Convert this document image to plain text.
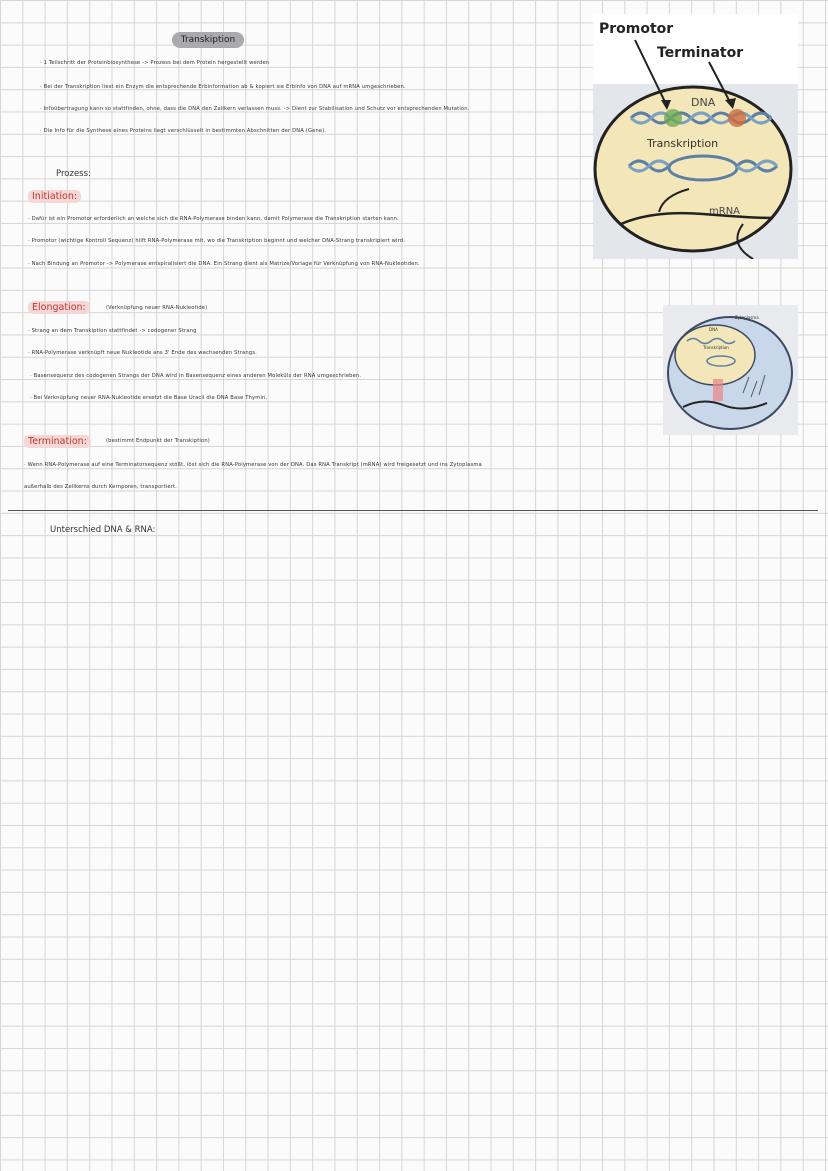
Transkiption
· 1 Teilschritt der Proteinbiosynthese -> Prozess bei dem Protein hergestellt werden
· Bei der Transkription liest ein Enzym die entsprechende Erbinformation ab & kopiert sie Erbinfo von DNA auf mRNA umgeschrieben.
· Infoübertragung kann so stattfinden, ohne, dass die DNA den Zellkern verlassen muss. -> Dient zur Stabilisation und Schutz vor entsprechenden Mutation.
· Die Info für die Synthese eines Proteins liegt verschlüsselt in bestimmten Abschnitten der DNA (Gene).
Prozess:
Initiation:
· Dafür ist ein Promotor erforderlich an welche sich die RNA-Polymerase binden kann, damit Polymerase die Transkription starten kann.
· Promotor (wichtige Kontroll Sequenz) hilft RNA-Polymerase mit, wo die Transkription beginnt und welcher DNA-Strang transkripiert wird.
· Nach Bindung an Promotor -> Polymerase entspiralisiert die DNA. Ein Strang dient als Matrize/Vorlage für Verknüpfung von RNA-Nukleotiden.
Elongation:	(Verknüpfung neuer RNA-Nukleotide)
· Strang an dem Transkiption stattfindet -> codogener Strang
· RNA-Polymerase verknüpft neue Nukleotide ans 3' Ende des wachsenden Strangs.
· Basensequenz des codogenen Strangs der DNA wird in Basensequenz eines anderen Moleküls der RNA umgeschrieben.
· Bei Verknüpfung neuer RNA-Nukleotide ersetzt die Base Uracil die DNA Base Thymin.
Termination:	(bestimmt Endpunkt der Transkiption)
· Wenn RNA-Polymerase auf eine Terminatorsequenz stößt, löst sich die RNA-Polymerase von der DNA. Das RNA Transkript (mRNA) wird freigesetzt und ins Zytoplasma
außerhalb des Zellkerns durch Kernporen, transportiert.
Unterschied DNA & RNA:
Promotor
Terminator
DNA
Transkription
mRNA
Zytoplasma
DNA
Transkription
